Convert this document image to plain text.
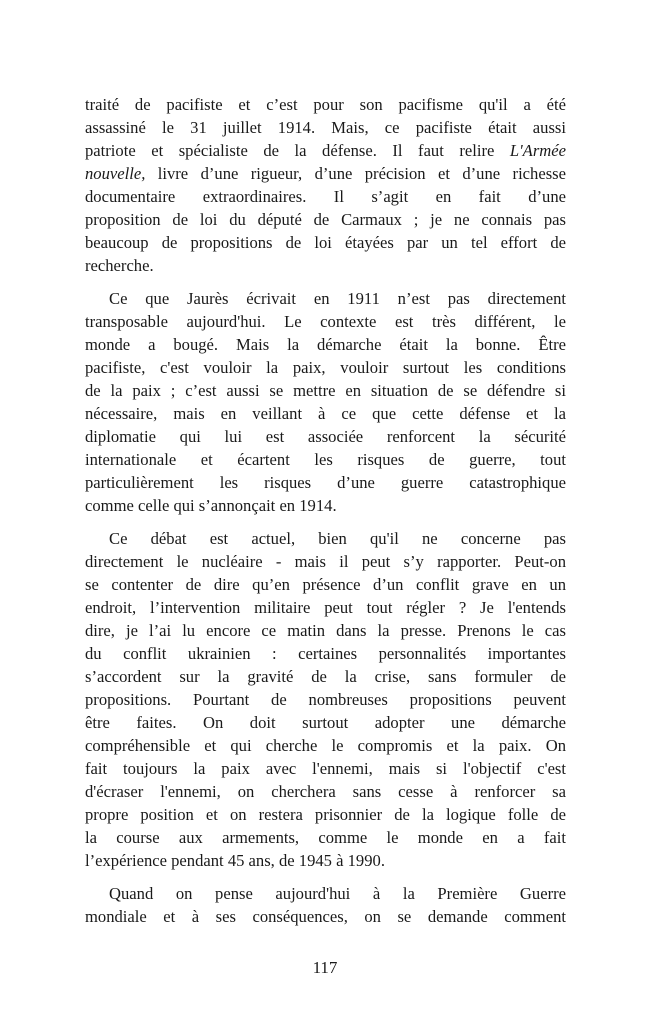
traité de pacifiste et c’est pour son pacifisme qu'il a été
assassiné le 31 juillet 1914. Mais, ce pacifiste était aussi
patriote et spécialiste de la défense. Il faut relire L'Armée
nouvelle, livre d’une rigueur, d’une précision et d’une richesse
documentaire extraordinaires. Il s’agit en fait d’une
proposition de loi du député de Carmaux ; je ne connais pas
beaucoup de propositions de loi étayées par un tel effort de
recherche.
Ce que Jaurès écrivait en 1911 n’est pas directement
transposable aujourd'hui. Le contexte est très différent, le
monde a bougé. Mais la démarche était la bonne. Être
pacifiste, c'est vouloir la paix, vouloir surtout les conditions
de la paix ; c’est aussi se mettre en situation de se défendre si
nécessaire, mais en veillant à ce que cette défense et la
diplomatie qui lui est associée renforcent la sécurité
internationale et écartent les risques de guerre, tout
particulièrement les risques d’une guerre catastrophique
comme celle qui s’annonçait en 1914.
Ce débat est actuel, bien qu'il ne concerne pas
directement le nucléaire - mais il peut s’y rapporter. Peut-on
se contenter de dire qu’en présence d’un conflit grave en un
endroit, l’intervention militaire peut tout régler ? Je l'entends
dire, je l’ai lu encore ce matin dans la presse. Prenons le cas
du conflit ukrainien : certaines personnalités importantes
s’accordent sur la gravité de la crise, sans formuler de
propositions. Pourtant de nombreuses propositions peuvent
être faites. On doit surtout adopter une démarche
compréhensible et qui cherche le compromis et la paix. On
fait toujours la paix avec l'ennemi, mais si l'objectif c'est
d'écraser l'ennemi, on cherchera sans cesse à renforcer sa
propre position et on restera prisonnier de la logique folle de
la course aux armements, comme le monde en a fait
l’expérience pendant 45 ans, de 1945 à 1990.
Quand on pense aujourd'hui à la Première Guerre
mondiale et à ses conséquences, on se demande comment
117
